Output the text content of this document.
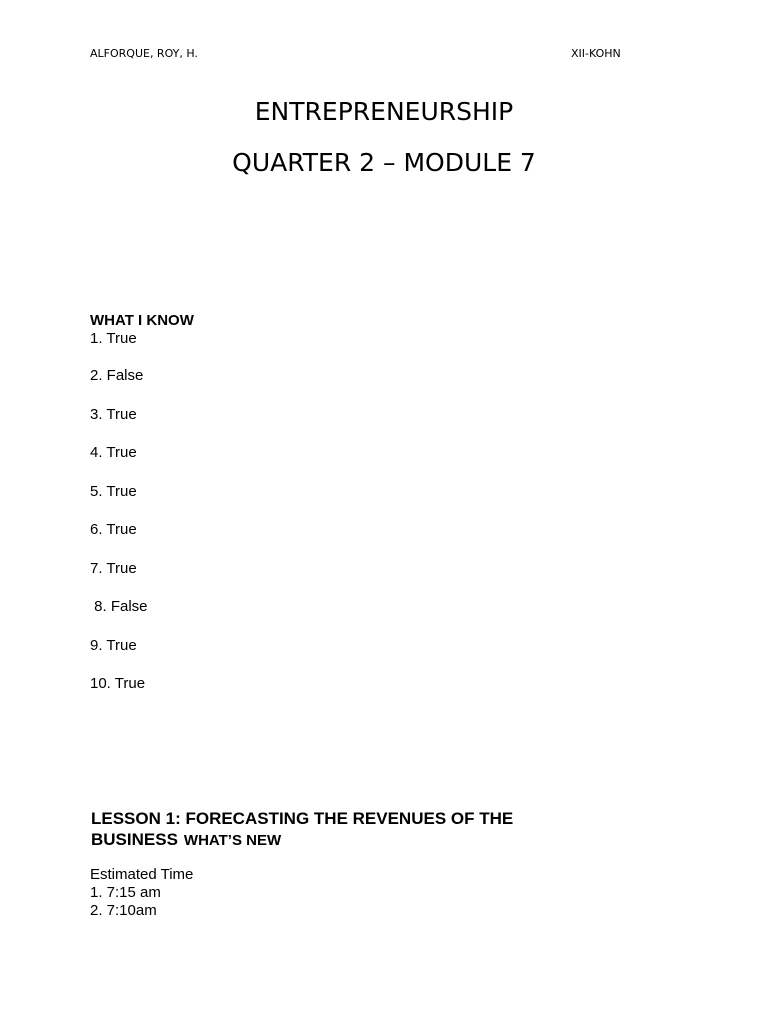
ALFORQUE, ROY, H.	XII-KOHN
ENTREPRENEURSHIP
QUARTER 2 – MODULE 7
WHAT I KNOW
1. True
2. False
3. True
4. True
5. True
6. True
7. True
8. False
9. True
10. True
LESSON 1: FORECASTING THE REVENUES OF THE
BUSINESS WHAT’S NEW
Estimated Time
1. 7:15 am
2. 7:10am
